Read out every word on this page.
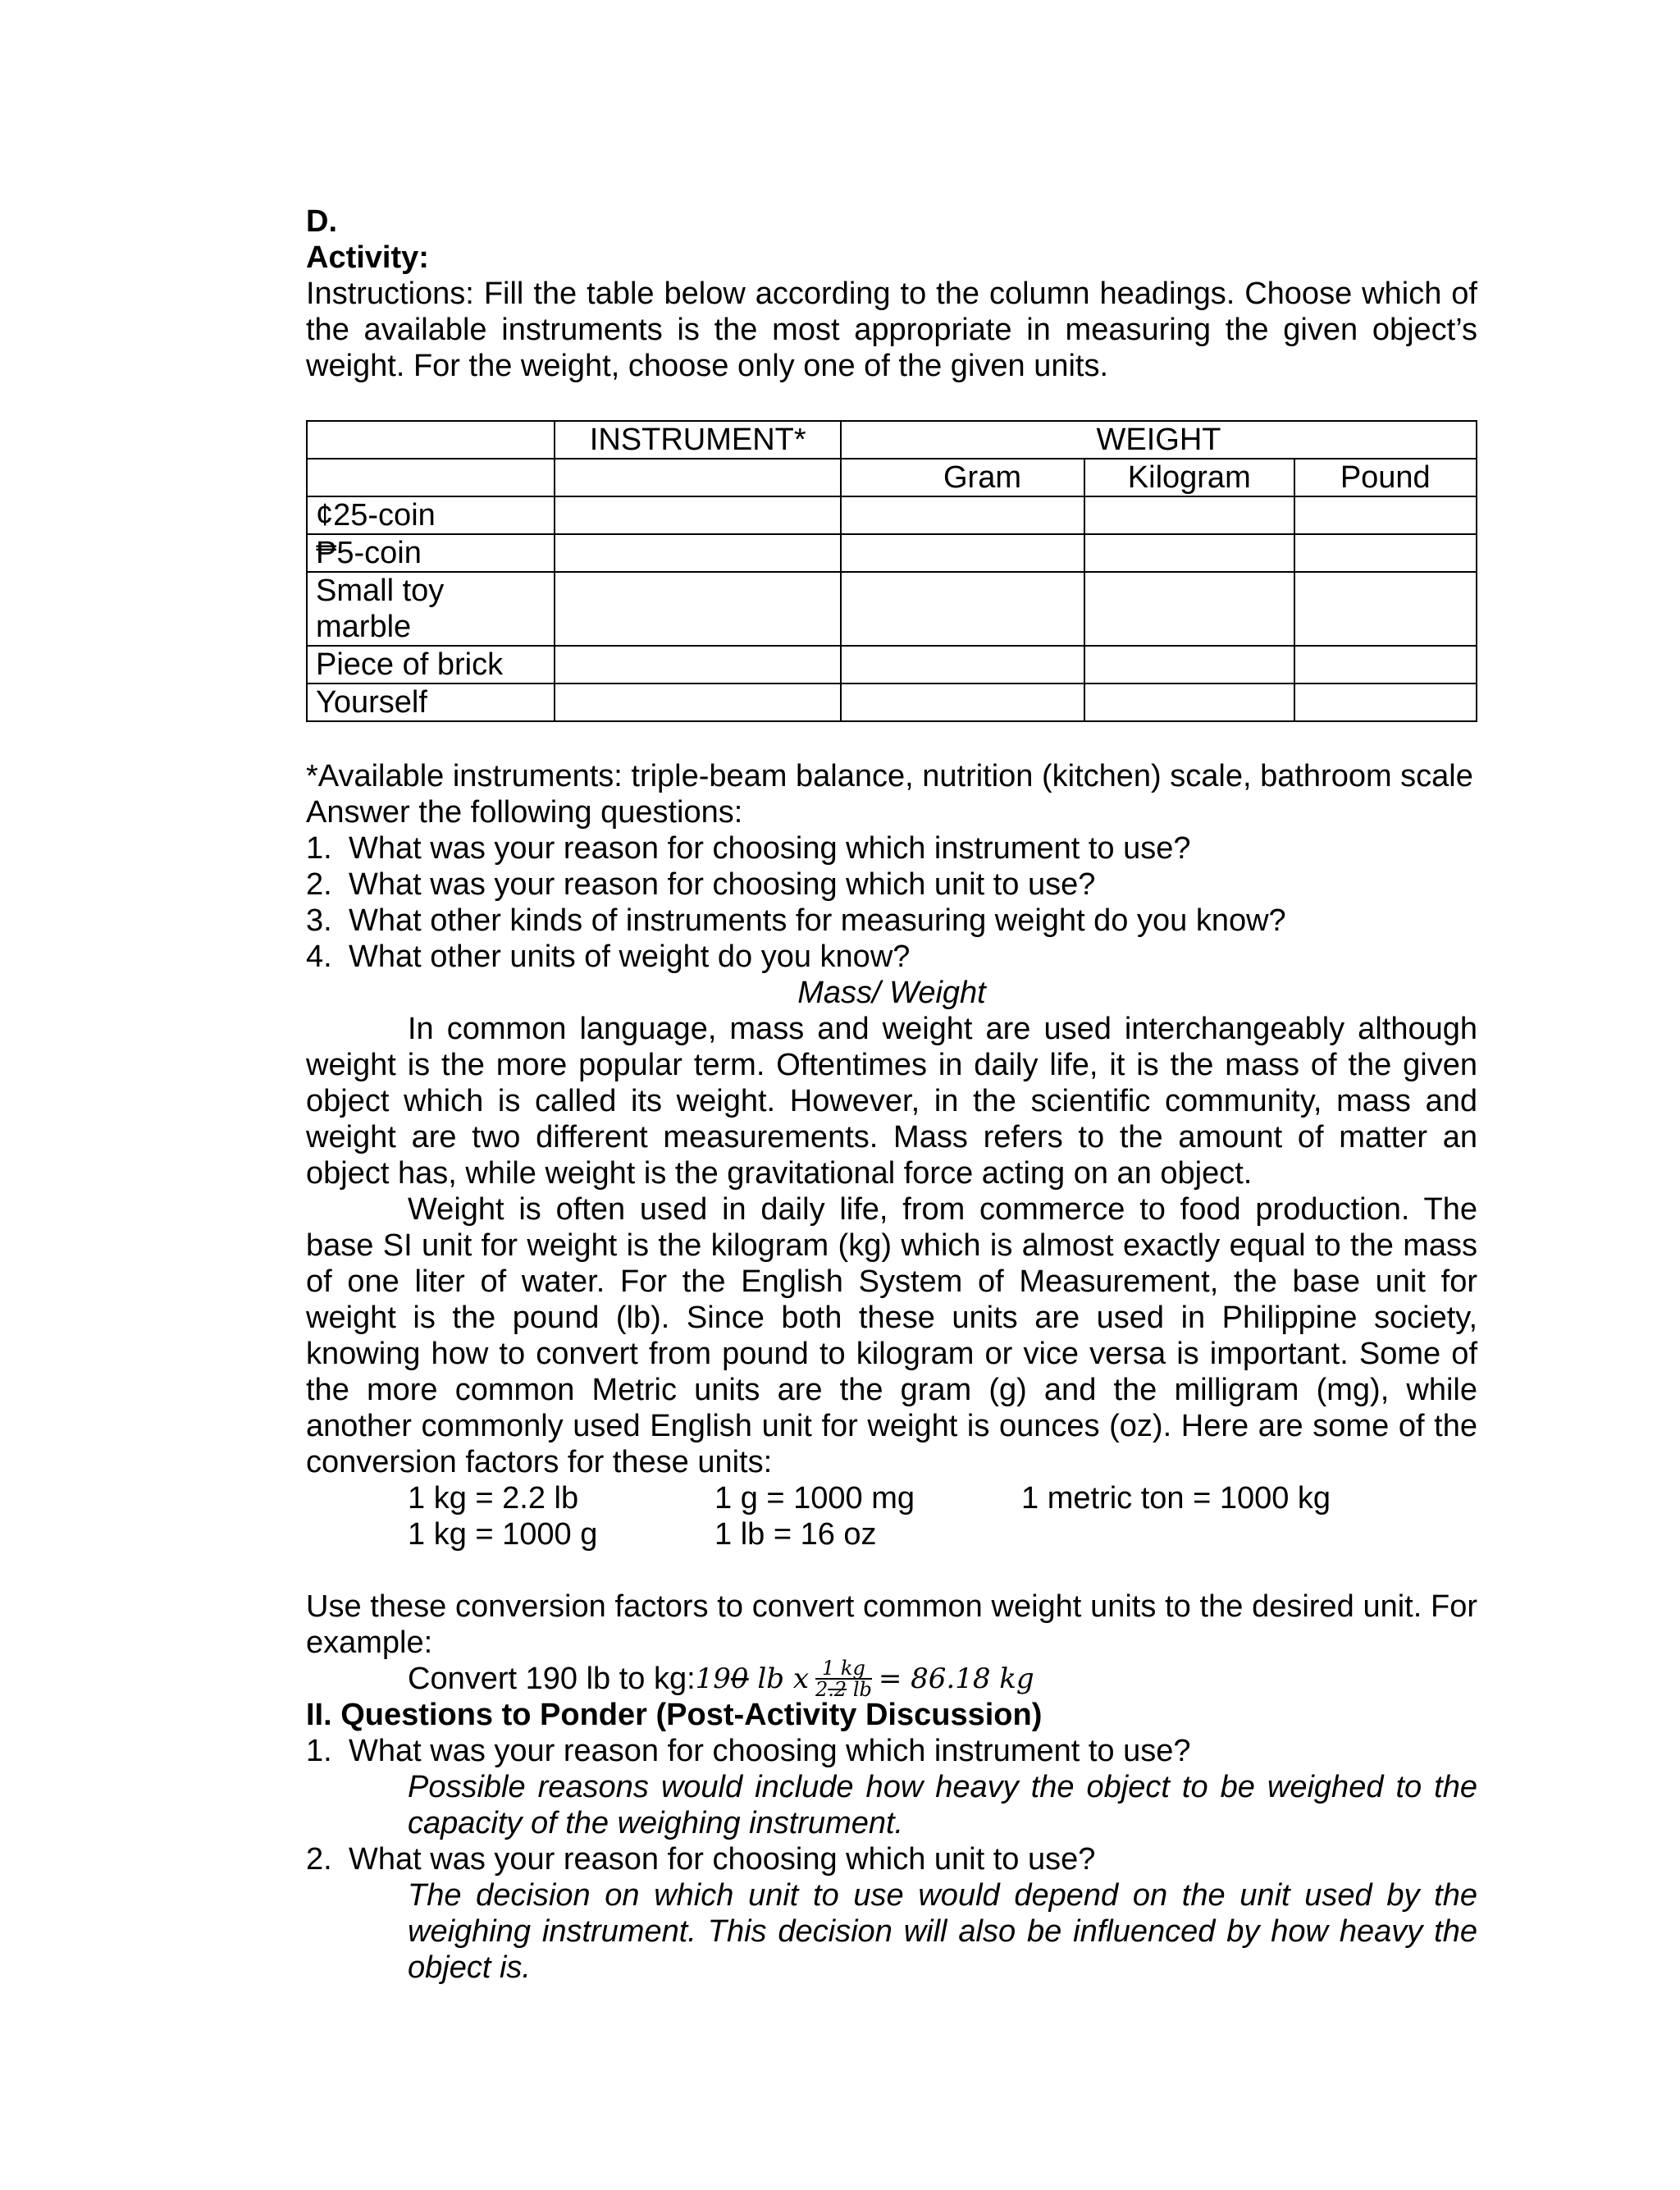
D.

Activity:

Instructions: Fill the table below according to the column headings. Choose which of the available instruments is the most appropriate in measuring the given object’s weight. For the weight, choose only one of the given units.

	INSTRUMENT*	WEIGHT		
		Gram	Kilogram	Pound
¢25-coin				
₱5-coin				
Small toy marble				
Piece of brick				
Yourself				

*Available instruments: triple-beam balance, nutrition (kitchen) scale, bathroom scale

Answer the following questions:

1. What was your reason for choosing which instrument to use?
2. What was your reason for choosing which unit to use?
3. What other kinds of instruments for measuring weight do you know?
4. What other units of weight do you know?

Mass/ Weight

In common language, mass and weight are used interchangeably although weight is the more popular term. Oftentimes in daily life, it is the mass of the given object which is called its weight. However, in the scientific community, mass and weight are two different measurements. Mass refers to the amount of matter an object has, while weight is the gravitational force acting on an object.

Weight is often used in daily life, from commerce to food production. The base SI unit for weight is the kilogram (kg) which is almost exactly equal to the mass of one liter of water. For the English System of Measurement, the base unit for weight is the pound (lb). Since both these units are used in Philippine society, knowing how to convert from pound to kilogram or vice versa is important. Some of the more common Metric units are the gram (g) and the milligram (mg), while another commonly used English unit for weight is ounces (oz). Here are some of the conversion factors for these units:

1 kg = 2.2 lb	1 g = 1000 mg	1 metric ton = 1000 kg
1 kg = 1000 g	1 lb = 16 oz

Use these conversion factors to convert common weight units to the desired unit. For example:

Convert 190 lb to kg: 190 lb x $\frac{1 kg}{2.2 lb} = 86.18$ kg

II. Questions to Ponder (Post-Activity Discussion)

1. What was your reason for choosing which instrument to use?

Possible reasons would include how heavy the object to be weighed to the capacity of the weighing instrument.

2. What was your reason for choosing which unit to use?

The decision on which unit to use would depend on the unit used by the weighing instrument. This decision will also be influenced by how heavy the object is.
